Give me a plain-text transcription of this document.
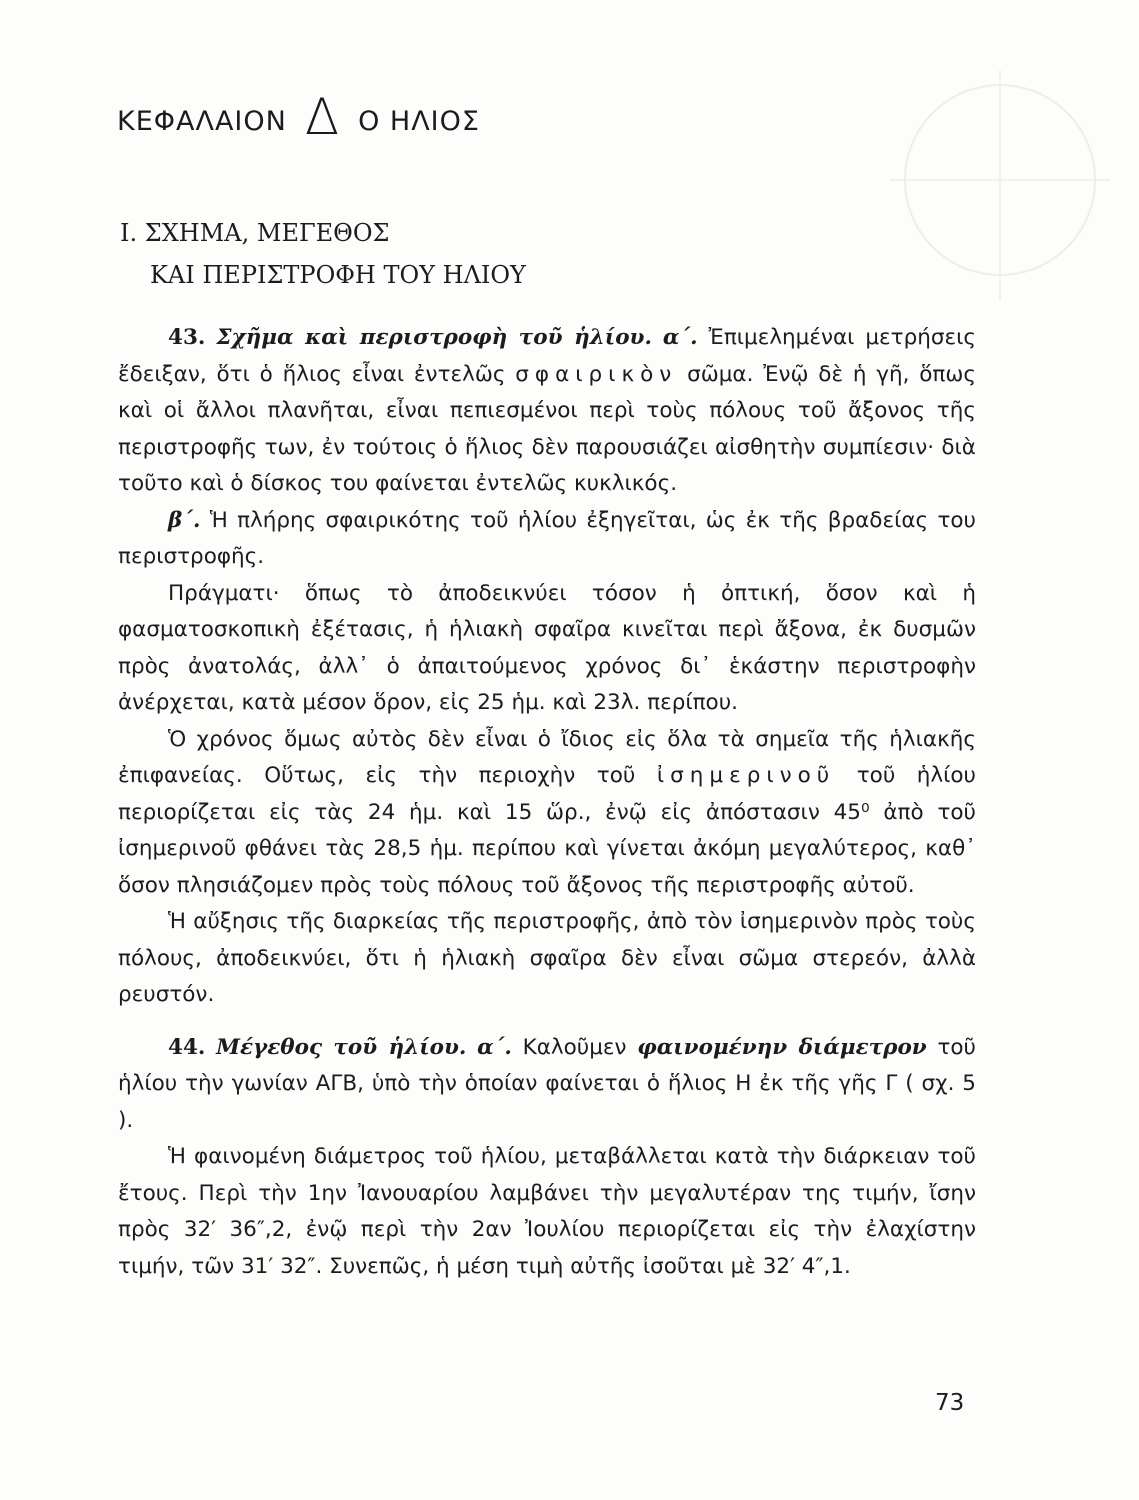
ΚΕΦΑΛΑΙΟΝ Δ Ο ΗΛΙΟΣ
Ι. ΣΧΗΜΑ, ΜΕΓΕΘΟΣ
ΚΑΙ ΠΕΡΙΣΤΡΟΦΗ ΤΟΥ ΗΛΙΟΥ

43. Σχῆμα καὶ περιστροφὴ τοῦ ἡλίου. α΄. Ἐπιμελημέναι μετρήσεις ἔδειξαν, ὅτι ὁ ἥλιος εἶναι ἐντελῶς σφαιρικὸν σῶμα. Ἐνῷ δὲ ἡ γῆ, ὅπως καὶ οἱ ἄλλοι πλανῆται, εἶναι πεπιεσμένοι περὶ τοὺς πόλους τοῦ ἄξονος τῆς περιστροφῆς των, ἐν τούτοις ὁ ἥλιος δὲν παρουσιάζει αἰσθητὴν συμπίεσιν· διὰ τοῦτο καὶ ὁ δίσκος του φαίνεται ἐντελῶς κυκλικός.

β΄. Ἡ πλήρης σφαιρικότης τοῦ ἡλίου ἐξηγεῖται, ὡς ἐκ τῆς βραδείας του περιστροφῆς.

Πράγματι· ὅπως τὸ ἀποδεικνύει τόσον ἡ ὀπτική, ὅσον καὶ ἡ φασματοσκοπικὴ ἐξέτασις, ἡ ἡλιακὴ σφαῖρα κινεῖται περὶ ἄξονα, ἐκ δυσμῶν πρὸς ἀνατολάς, ἀλλ᾽ ὁ ἀπαιτούμενος χρόνος δι᾽ ἑκάστην περιστροφὴν ἀνέρχεται, κατὰ μέσον ὅρον, εἰς 25 ἡμ. καὶ 23λ. περίπου.

Ὁ χρόνος ὅμως αὐτὸς δὲν εἶναι ὁ ἴδιος εἰς ὅλα τὰ σημεῖα τῆς ἡλιακῆς ἐπιφανείας. Οὕτως, εἰς τὴν περιοχὴν τοῦ ἰσημερινοῦ τοῦ ἡλίου περιορίζεται εἰς τὰς 24 ἡμ. καὶ 15 ὥρ., ἐνῷ εἰς ἀπόστασιν 45⁰ ἀπὸ τοῦ ἰσημερινοῦ φθάνει τὰς 28,5 ἡμ. περίπου καὶ γίνεται ἀκόμη μεγαλύτερος, καθ᾽ ὅσον πλησιάζομεν πρὸς τοὺς πόλους τοῦ ἄξονος τῆς περιστροφῆς αὐτοῦ.

Ἡ αὔξησις τῆς διαρκείας τῆς περιστροφῆς, ἀπὸ τὸν ἰσημερινὸν πρὸς τοὺς πόλους, ἀποδεικνύει, ὅτι ἡ ἡλιακὴ σφαῖρα δὲν εἶναι σῶμα στερεόν, ἀλλὰ ρευστόν.

44. Μέγεθος τοῦ ἡλίου. α΄. Καλοῦμεν φαινομένην διάμετρον τοῦ ἡλίου τὴν γωνίαν ΑΓΒ, ὑπὸ τὴν ὁποίαν φαίνεται ὁ ἥλιος Η ἐκ τῆς γῆς Γ ( σχ. 5 ).

Ἡ φαινομένη διάμετρος τοῦ ἡλίου, μεταβάλλεται κατὰ τὴν διάρκειαν τοῦ ἔτους. Περὶ τὴν 1ην Ἰανουαρίου λαμβάνει τὴν μεγαλυτέραν της τιμήν, ἴσην πρὸς 32′ 36″,2, ἐνῷ περὶ τὴν 2αν Ἰουλίου περιορίζεται εἰς τὴν ἐλαχίστην τιμήν, τῶν 31′ 32″. Συνεπῶς, ἡ μέση τιμὴ αὐτῆς ἰσοῦται μὲ 32′ 4″,1.

73
